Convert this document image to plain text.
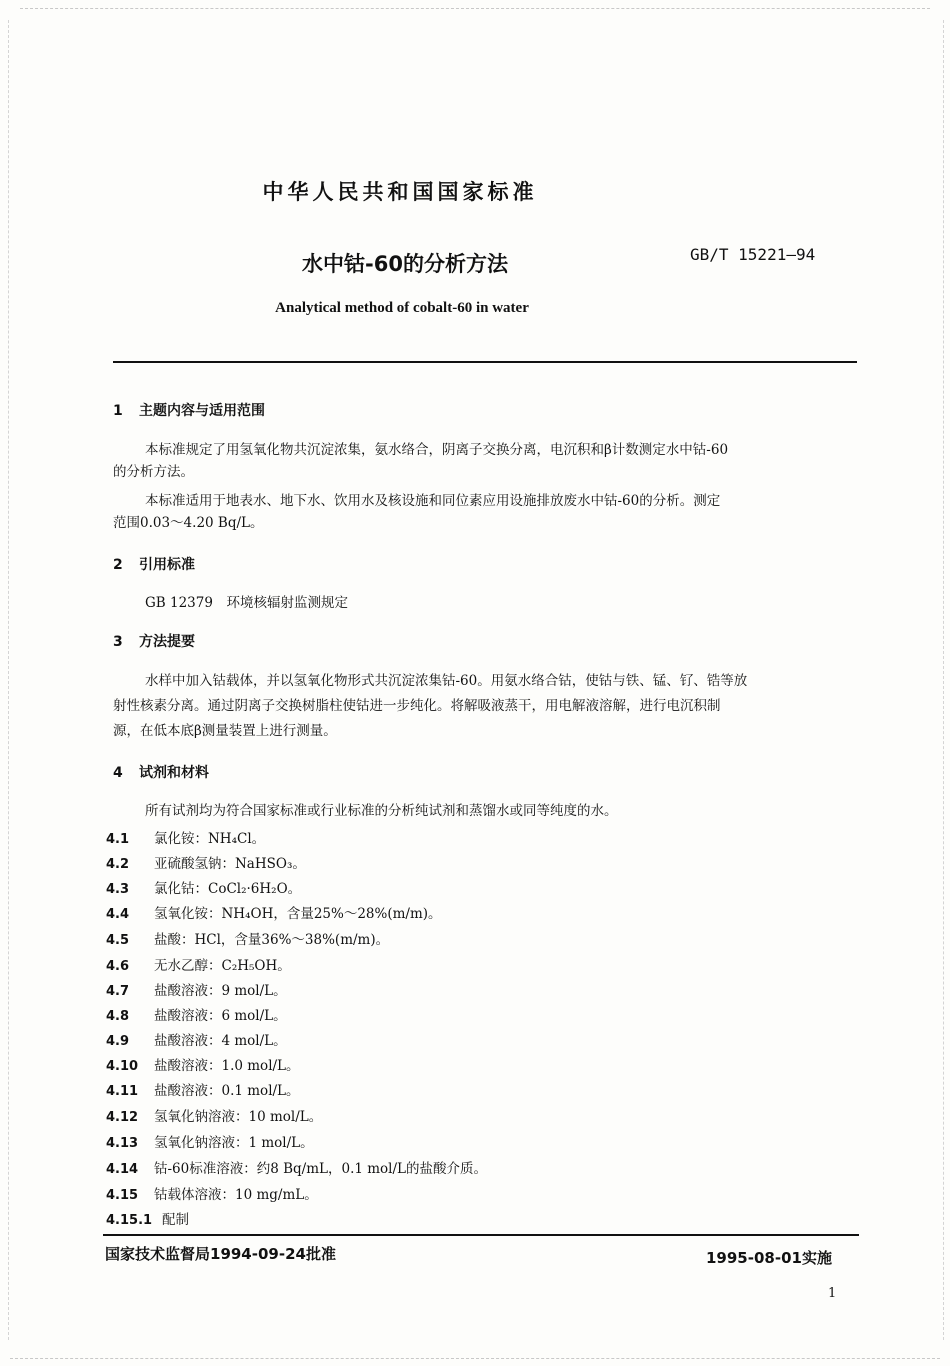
中华人民共和国国家标准
水中钴-60的分析方法	GB/T 15221—94
Analytical method of cobalt-60 in water
1 主题内容与适用范围
本标准规定了用氢氧化物共沉淀浓集，氨水络合，阴离子交换分离，电沉积和β计数测定水中钴-60
的分析方法。
本标准适用于地表水、地下水、饮用水及核设施和同位素应用设施排放废水中钴-60的分析。测定
范围0.03～4.20 Bq/L。
2 引用标准
GB 12379　环境核辐射监测规定
3 方法提要
水样中加入钴载体，并以氢氧化物形式共沉淀浓集钴-60。用氨水络合钴，使钴与铁、锰、钌、锆等放
射性核素分离。通过阴离子交换树脂柱使钴进一步纯化。将解吸液蒸干，用电解液溶解，进行电沉积制
源，在低本底β测量装置上进行测量。
4 试剂和材料
所有试剂均为符合国家标准或行业标准的分析纯试剂和蒸馏水或同等纯度的水。
4.1 氯化铵：NH₄Cl。
4.2 亚硫酸氢钠：NaHSO₃。
4.3 氯化钴：CoCl₂·6H₂O。
4.4 氢氧化铵：NH₄OH，含量25%～28%(m/m)。
4.5 盐酸：HCl，含量36%～38%(m/m)。
4.6 无水乙醇：C₂H₅OH。
4.7 盐酸溶液：9 mol/L。
4.8 盐酸溶液：6 mol/L。
4.9 盐酸溶液：4 mol/L。
4.10 盐酸溶液：1.0 mol/L。
4.11 盐酸溶液：0.1 mol/L。
4.12 氢氧化钠溶液：10 mol/L。
4.13 氢氧化钠溶液：1 mol/L。
4.14 钴-60标准溶液：约8 Bq/mL，0.1 mol/L的盐酸介质。
4.15 钴载体溶液：10 mg/mL。
4.15.1 配制
国家技术监督局1994-09-24批准	1995-08-01实施
1
